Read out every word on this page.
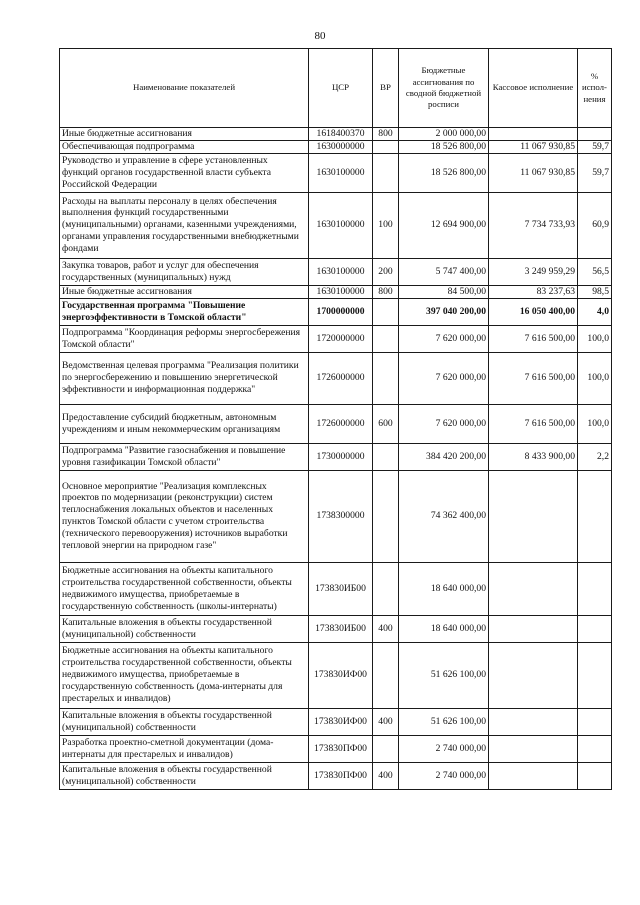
80
Наименование показателей	ЦСР	ВР	Бюджетные ассигнования по сводной бюджетной росписи	Кассовое исполнение	% испол-нения
Иные бюджетные ассигнования	1618400370	800	2 000 000,00		
Обеспечивающая подпрограмма	1630000000		18 526 800,00	11 067 930,85	59,7
Руководство и управление в сфере установленных функций органов государственной власти субъекта Российской Федерации	1630100000		18 526 800,00	11 067 930,85	59,7
Расходы на выплаты персоналу в целях обеспечения выполнения функций государственными (муниципальными) органами, казенными учреждениями, органами управления государственными внебюджетными фондами	1630100000	100	12 694 900,00	7 734 733,93	60,9
Закупка товаров, работ и услуг для обеспечения государственных (муниципальных) нужд	1630100000	200	5 747 400,00	3 249 959,29	56,5
Иные бюджетные ассигнования	1630100000	800	84 500,00	83 237,63	98,5
Государственная программа "Повышение энергоэффективности в Томской области"	1700000000		397 040 200,00	16 050 400,00	4,0
Подпрограмма "Координация реформы энергосбережения Томской области"	1720000000		7 620 000,00	7 616 500,00	100,0
Ведомственная целевая программа "Реализация политики по энергосбережению и повышению энергетической эффективности и информационная поддержка"	1726000000		7 620 000,00	7 616 500,00	100,0
Предоставление субсидий бюджетным, автономным учреждениям и иным некоммерческим организациям	1726000000	600	7 620 000,00	7 616 500,00	100,0
Подпрограмма "Развитие газоснабжения и повышение уровня газификации Томской области"	1730000000		384 420 200,00	8 433 900,00	2,2
Основное мероприятие "Реализация комплексных проектов по модернизации (реконструкции) систем теплоснабжения локальных объектов и населенных пунктов Томской области с учетом строительства (технического перевооружения) источников выработки тепловой энергии на природном газе"	1738300000		74 362 400,00		
Бюджетные ассигнования на объекты капитального строительства государственной собственности, объекты недвижимого имущества, приобретаемые в государственную собственность (школы-интернаты)	173830ИБ00		18 640 000,00		
Капитальные вложения в объекты государственной (муниципальной) собственности	173830ИБ00	400	18 640 000,00		
Бюджетные ассигнования на объекты капитального строительства государственной собственности, объекты недвижимого имущества, приобретаемые в государственную собственность (дома-интернаты для престарелых и инвалидов)	173830ИФ00		51 626 100,00		
Капитальные вложения в объекты государственной (муниципальной) собственности	173830ИФ00	400	51 626 100,00		
Разработка проектно-сметной документации (дома-интернаты для престарелых и инвалидов)	173830ПФ00		2 740 000,00		
Капитальные вложения в объекты государственной (муниципальной) собственности	173830ПФ00	400	2 740 000,00		
